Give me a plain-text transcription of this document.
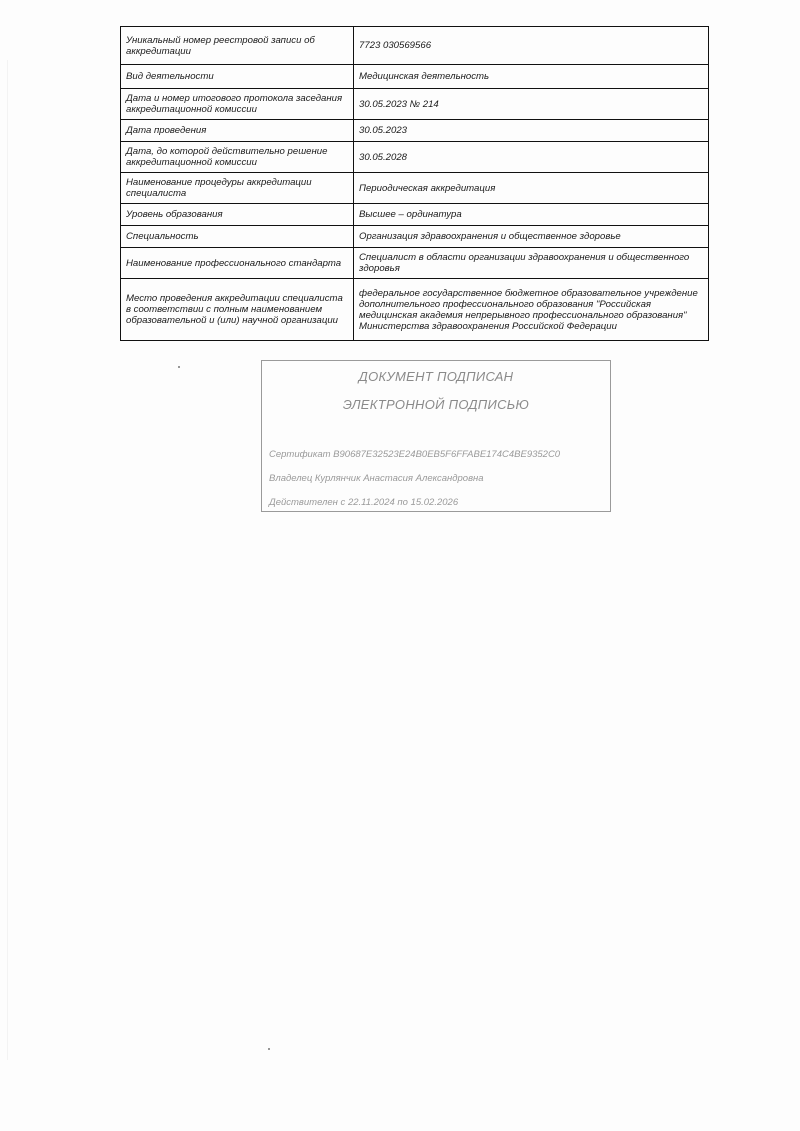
Уникальный номер реестровой записи об аккредитации	7723 030569566
Вид деятельности	Медицинская деятельность
Дата и номер итогового протокола заседания аккредитационной комиссии	30.05.2023 № 214
Дата проведения	30.05.2023
Дата, до которой действительно решение аккредитационной комиссии	30.05.2028
Наименование процедуры аккредитации специалиста	Периодическая аккредитация
Уровень образования	Высшее – ординатура
Специальность	Организация здравоохранения и общественное здоровье
Наименование профессионального стандарта	Специалист в области организации здравоохранения и общественного здоровья
Место проведения аккредитации специалиста в соответствии с полным наименованием образовательной и (или) научной организации	федеральное государственное бюджетное образовательное учреждение дополнительного профессионального образования "Российская медицинская академия непрерывного профессионального образования" Министерства здравоохранения Российской Федерации
ДОКУМЕНТ ПОДПИСАН
ЭЛЕКТРОННОЙ ПОДПИСЬЮ
Сертификат B90687E32523E24B0EB5F6FFABE174C4BE9352C0
Владелец Курлянчик Анастасия Александровна
Действителен с 22.11.2024 по 15.02.2026
